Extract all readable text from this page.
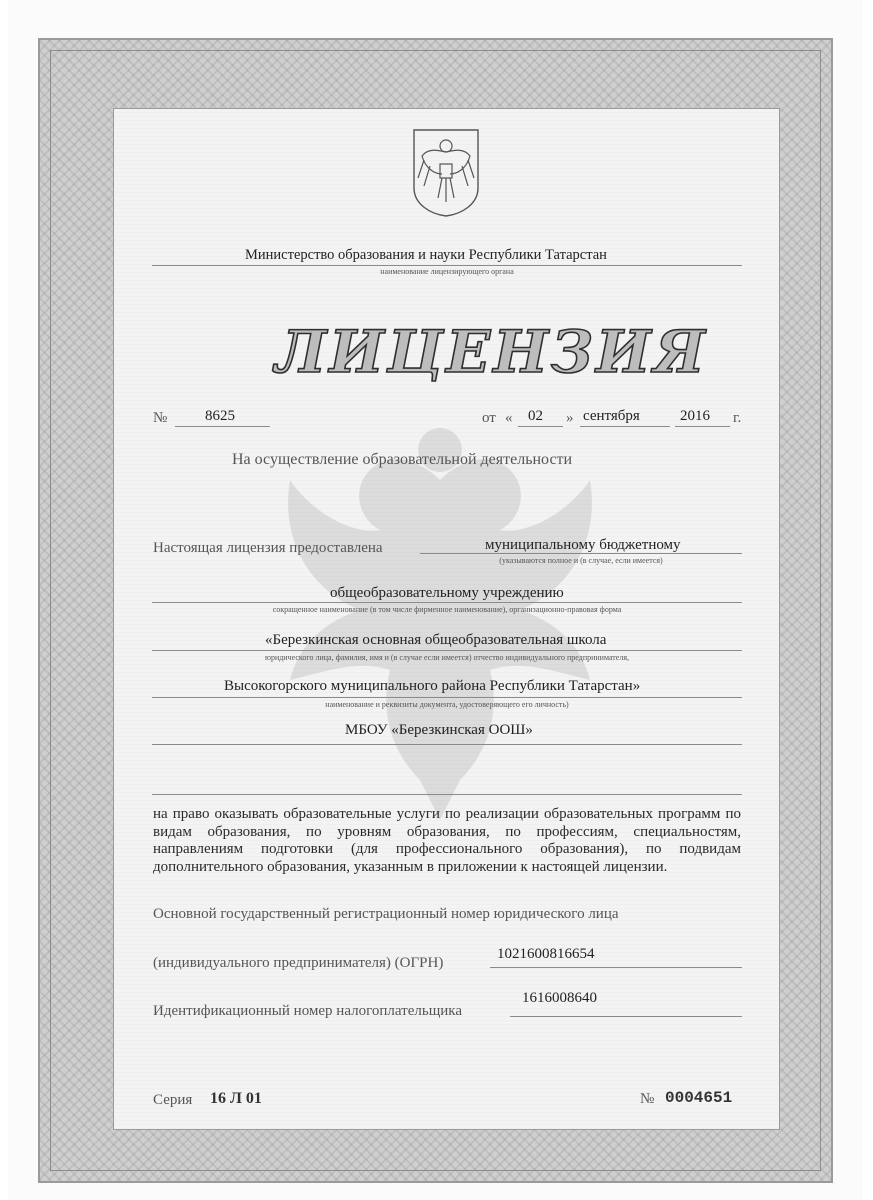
Министерство образования и науки Республики Татарстан
наименование лицензирующего органа
ЛИЦЕНЗИЯ
№	8625	от « 02 » сентября	2016 г.
На осуществление образовательной деятельности
Настоящая лицензия предоставлена	муниципальному бюджетному
(указываются полное и (в случае, если имеется)
общеобразовательному учреждению
сокращенное наименование (в том числе фирменное наименование), организационно-правовая форма
«Березкинская основная общеобразовательная школа
юридического лица, фамилия, имя и (в случае если имеется) отчество индивидуального предпринимателя,
Высокогорского муниципального района Республики Татарстан»
наименование и реквизиты документа, удостоверяющего его личность)
МБОУ «Березкинская ООШ»
на право оказывать образовательные услуги по реализации образовательных программ по видам образования, по уровням образования, по профессиям, специальностям, направлениям подготовки (для профессионального образования), по подвидам дополнительного образования, указанным в приложении к настоящей лицензии.
Основной государственный регистрационный номер юридического лица
(индивидуального предпринимателя) (ОГРН)
1021600816654
Идентификационный номер налогоплательщика
1616008640
Серия 16 Л 01	№ 0004651
